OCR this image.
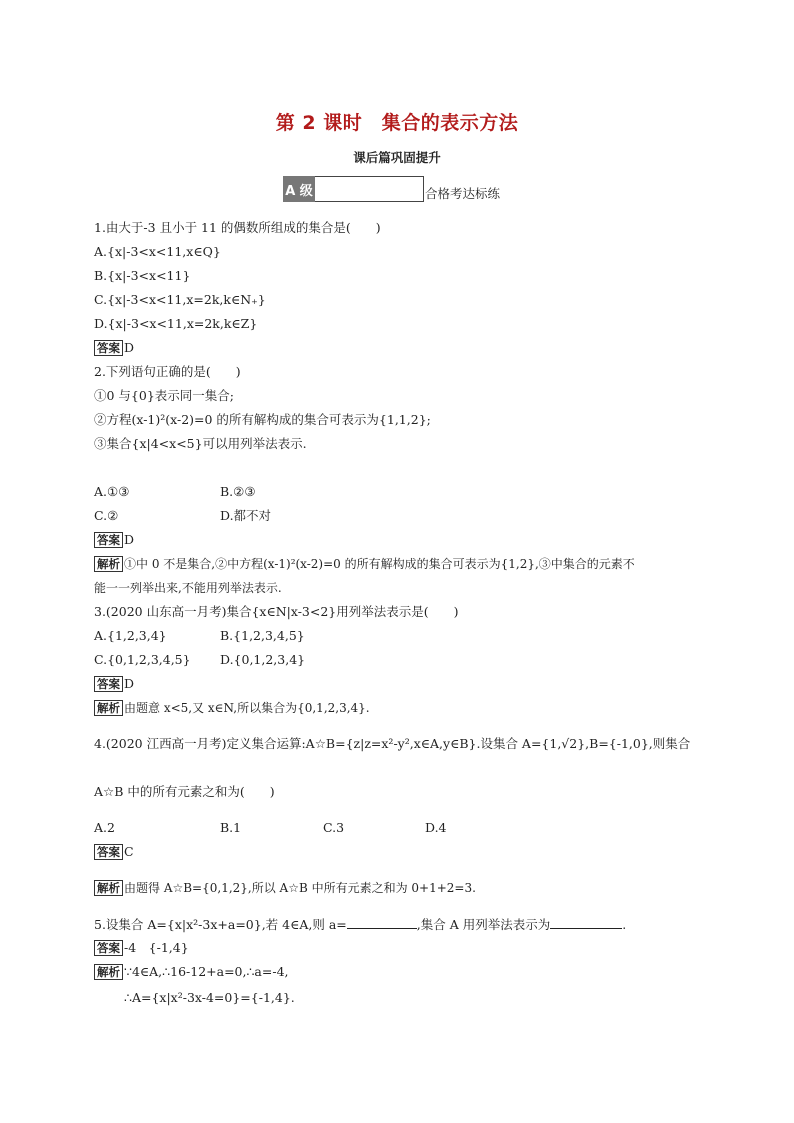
第 2 课时　集合的表示方法
课后篇巩固提升
A 级	合格考达标练
1.由大于-3 且小于 11 的偶数所组成的集合是(　　)
A.{x|-3<x<11,x∈Q}
B.{x|-3<x<11}
C.{x|-3<x<11,x=2k,k∈N₊}
D.{x|-3<x<11,x=2k,k∈Z}
答案 D
2.下列语句正确的是(　　)
①0 与{0}表示同一集合;
②方程(x-1)²(x-2)=0 的所有解构成的集合可表示为{1,1,2};
③集合{x|4<x<5}可以用列举法表示.
A.①③	B.②③
C.②	D.都不对
答案 D
解析 ①中 0 不是集合,②中方程(x-1)²(x-2)=0 的所有解构成的集合可表示为{1,2},③中集合的元素不
能一一列举出来,不能用列举法表示.
3.(2020 山东高一月考)集合{x∈N|x-3<2}用列举法表示是(　　)
A.{1,2,3,4}	B.{1,2,3,4,5}
C.{0,1,2,3,4,5} D.{0,1,2,3,4}
答案 D
解析 由题意 x<5,又 x∈N,所以集合为{0,1,2,3,4}.
4.(2020 江西高一月考)定义集合运算:A☆B={z|z=x²-y²,x∈A,y∈B}.设集合 A={1,√2},B={-1,0},则集合
A☆B 中的所有元素之和为(　　)
A.2	B.1	C.3	D.4
答案 C
解析 由题得 A☆B={0,1,2},所以 A☆B 中所有元素之和为 0+1+2=3.
5.设集合 A={x|x²-3x+a=0},若 4∈A,则 a=	,集合 A 用列举法表示为	.
答案 -4　{-1,4}
解析 ∵4∈A,∴16-12+a=0,∴a=-4,
∴A={x|x²-3x-4=0}={-1,4}.
